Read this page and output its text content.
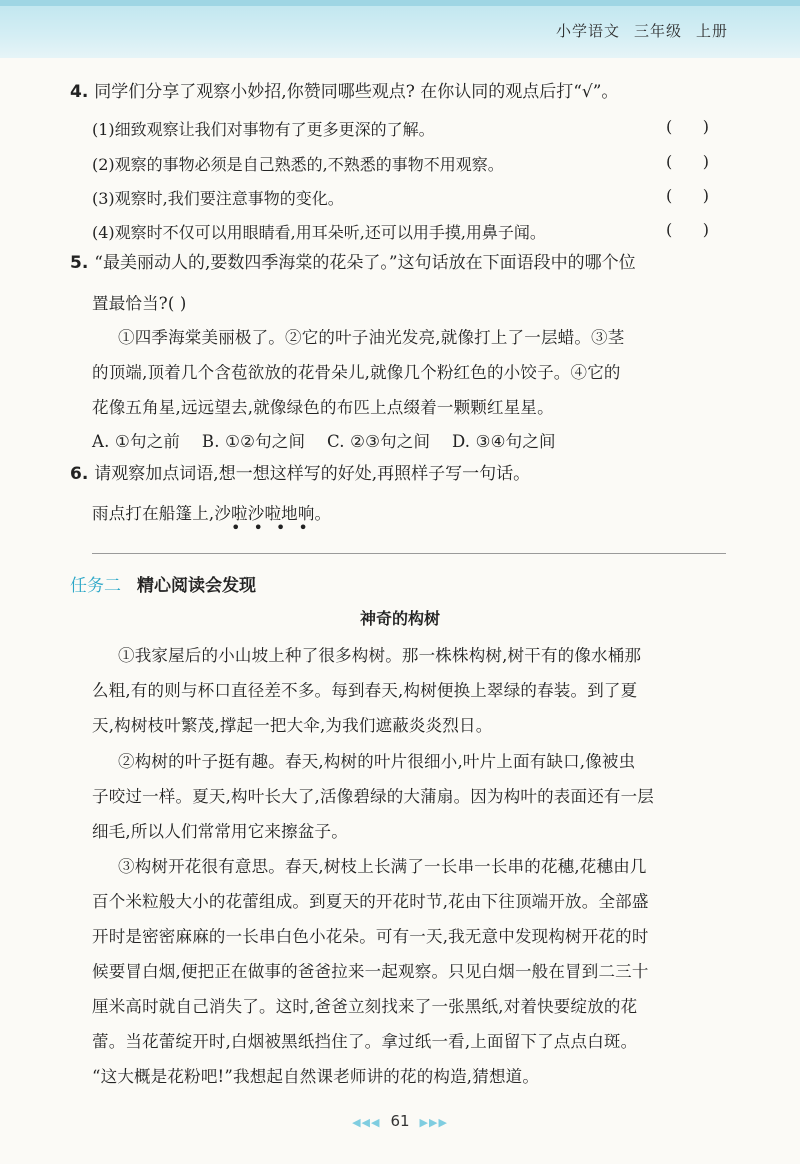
小学语文 三年级 上册
4. 同学们分享了观察小妙招,你赞同哪些观点? 在你认同的观点后打“√”。
(1)细致观察让我们对事物有了更多更深的了解。	(      )
(2)观察的事物必须是自己熟悉的,不熟悉的事物不用观察。	(      )
(3)观察时,我们要注意事物的变化。	(      )
(4)观察时不仅可以用眼睛看,用耳朵听,还可以用手摸,用鼻子闻。	(      )
5. “最美丽动人的,要数四季海棠的花朵了。”这句话放在下面语段中的哪个位
置最恰当?( )
①四季海棠美丽极了。②它的叶子油光发亮,就像打上了一层蜡。③茎
的顶端,顶着几个含苞欲放的花骨朵儿,就像几个粉红色的小饺子。④它的
花像五角星,远远望去,就像绿色的布匹上点缀着一颗颗红星星。
A. ①句之前    B. ①②句之间    C. ②③句之间    D. ③④句之间
6. 请观察加点词语,想一想这样写的好处,再照样子写一句话。
雨点打在船篷上,沙啦沙啦地响。
••••
任务二 精心阅读会发现
神奇的构树
①我家屋后的小山坡上种了很多构树。那一株株构树,树干有的像水桶那
么粗,有的则与杯口直径差不多。每到春天,构树便换上翠绿的春装。到了夏
天,构树枝叶繁茂,撑起一把大伞,为我们遮蔽炎炎烈日。
②构树的叶子挺有趣。春天,构树的叶片很细小,叶片上面有缺口,像被虫
子咬过一样。夏天,构叶长大了,活像碧绿的大蒲扇。因为构叶的表面还有一层
细毛,所以人们常常用它来擦盆子。
③构树开花很有意思。春天,树枝上长满了一长串一长串的花穗,花穗由几
百个米粒般大小的花蕾组成。到夏天的开花时节,花由下往顶端开放。全部盛
开时是密密麻麻的一长串白色小花朵。可有一天,我无意中发现构树开花的时
候要冒白烟,便把正在做事的爸爸拉来一起观察。只见白烟一般在冒到二三十
厘米高时就自己消失了。这时,爸爸立刻找来了一张黑纸,对着快要绽放的花
蕾。当花蕾绽开时,白烟被黑纸挡住了。拿过纸一看,上面留下了点点白斑。
“这大概是花粉吧!”我想起自然课老师讲的花的构造,猜想道。
◀◀◀ 61 ▶▶▶
